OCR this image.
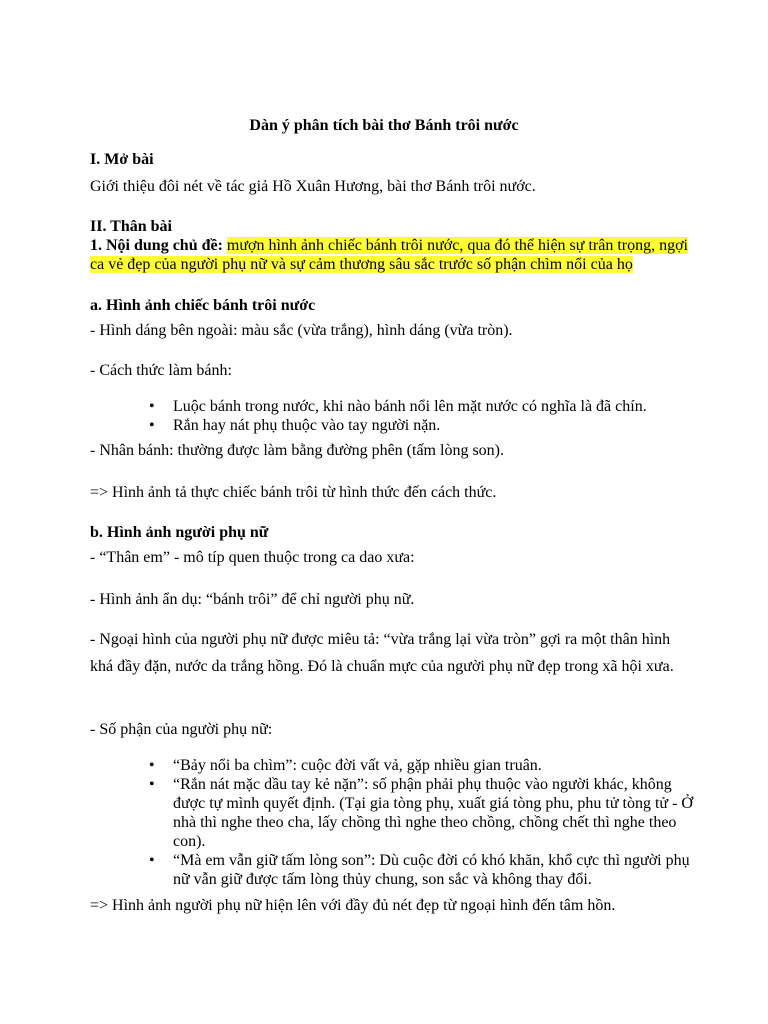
Dàn ý phân tích bài thơ Bánh trôi nước
I. Mở bài
Giới thiệu đôi nét về tác giả Hồ Xuân Hương, bài thơ Bánh trôi nước.
II. Thân bài
1. Nội dung chủ đề: mượn hình ảnh chiếc bánh trôi nước, qua đó thể hiện sự trân trọng, ngợi ca vẻ đẹp của người phụ nữ và sự cảm thương sâu sắc trước số phận chìm nổi của họ
a. Hình ảnh chiếc bánh trôi nước
- Hình dáng bên ngoài: màu sắc (vừa trắng), hình dáng (vừa tròn).
- Cách thức làm bánh:
• Luộc bánh trong nước, khi nào bánh nổi lên mặt nước có nghĩa là đã chín.
• Rắn hay nát phụ thuộc vào tay người nặn.
- Nhân bánh: thường được làm bằng đường phên (tấm lòng son).
=> Hình ảnh tả thực chiếc bánh trôi từ hình thức đến cách thức.
b. Hình ảnh người phụ nữ
- “Thân em” - mô típ quen thuộc trong ca dao xưa:
- Hình ảnh ẩn dụ: “bánh trôi” để chỉ người phụ nữ.
- Ngoại hình của người phụ nữ được miêu tả: “vừa trắng lại vừa tròn” gợi ra một thân hình khá đầy đặn, nước da trắng hồng. Đó là chuẩn mực của người phụ nữ đẹp trong xã hội xưa.
- Số phận của người phụ nữ:
• “Bảy nổi ba chìm”: cuộc đời vất vả, gặp nhiều gian truân.
• “Rắn nát mặc dầu tay kẻ nặn”: số phận phải phụ thuộc vào người khác, không được tự mình quyết định. (Tại gia tòng phụ, xuất giá tòng phu, phu tử tòng tử - Ở nhà thì nghe theo cha, lấy chồng thì nghe theo chồng, chồng chết thì nghe theo con).
• “Mà em vẫn giữ tấm lòng son”: Dù cuộc đời có khó khăn, khổ cực thì người phụ nữ vẫn giữ được tấm lòng thủy chung, son sắc và không thay đổi.
=> Hình ảnh người phụ nữ hiện lên với đầy đủ nét đẹp từ ngoại hình đến tâm hồn.
